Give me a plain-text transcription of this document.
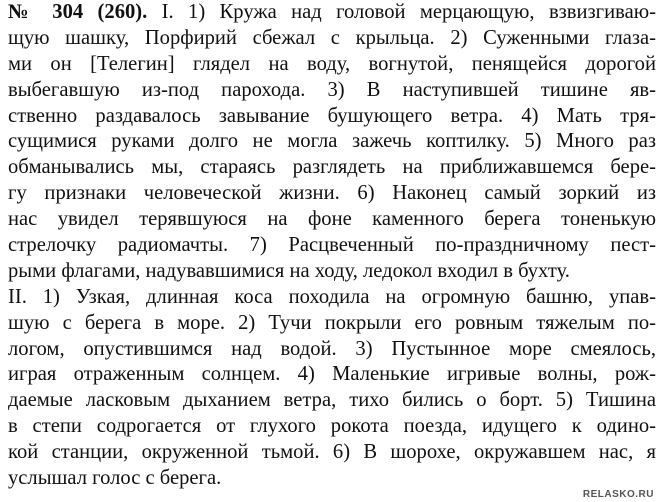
№ 304 (260). I. 1) Кружа над головой мерцающую, взвизгиваю-
щую шашку, Порфирий сбежал с крыльца. 2) Суженными глаза-
ми он [Телегин] глядел на воду, вогнутой, пенящейся дорогой
выбегавшую из-под парохода. 3) В наступившей тишине яв-
ственно раздавалось завывание бушующего ветра. 4) Мать тря-
сущимися руками долго не могла зажечь коптилку. 5) Много раз
обманывались мы, стараясь разглядеть на приближавшемся бере-
гу признаки человеческой жизни. 6) Наконец самый зоркий из
нас увидел терявшуюся на фоне каменного берега тоненькую
стрелочку радиомачты. 7) Расцвеченный по-праздничному пест-
рыми флагами, надувавшимися на ходу, ледокол входил в бухту.
II. 1) Узкая, длинная коса походила на огромную башню, упав-
шую с берега в море. 2) Тучи покрыли его ровным тяжелым по-
логом, опустившимся над водой. 3) Пустынное море смеялось,
играя отраженным солнцем. 4) Маленькие игривые волны, рож-
даемые ласковым дыханием ветра, тихо бились о борт. 5) Тишина
в степи содрогается от глухого рокота поезда, идущего к одино-
кой станции, окруженной тьмой. 6) В шорохе, окружавшем нас, я
услышал голос с берега.
RELASKO.RU
